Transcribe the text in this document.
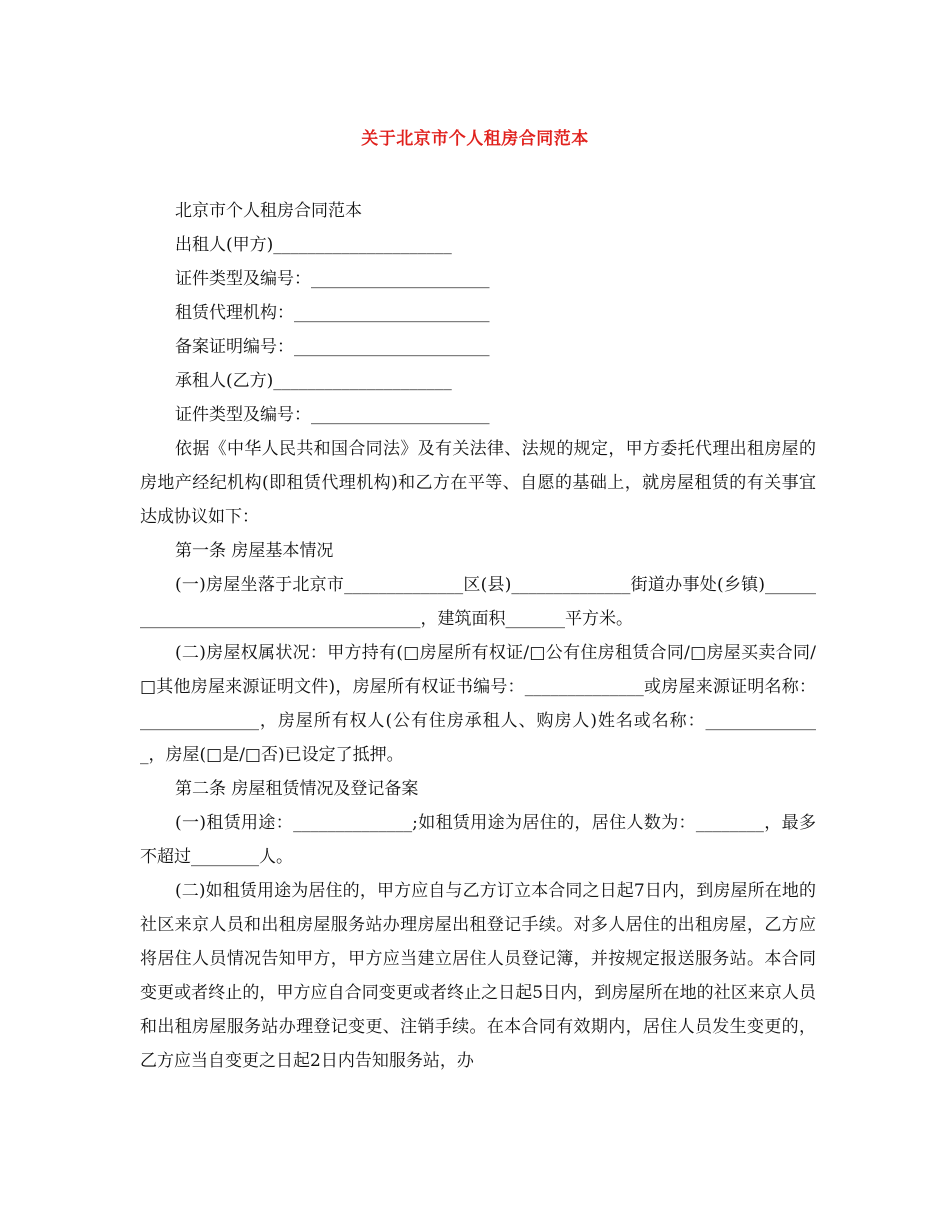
关于北京市个人租房合同范本
北京市个人租房合同范本
出租人(甲方)_____________________
证件类型及编号：_____________________
租赁代理机构：_______________________
备案证明编号：_______________________
承租人(乙方)_____________________
证件类型及编号：_____________________
依据《中华人民共和国合同法》及有关法律、法规的规定，甲方委托代理出租房屋的房地产经纪机构(即租赁代理机构)和乙方在平等、自愿的基础上，就房屋租赁的有关事宜达成协议如下：
第一条 房屋基本情况
(一)房屋坐落于北京市______________区(县)______________街道办事处(乡镇)_______________________________________，建筑面积_______平方米。
(二)房屋权属状况：甲方持有(□房屋所有权证/□公有住房租赁合同/□房屋买卖合同/□其他房屋来源证明文件)，房屋所有权证书编号：______________或房屋来源证明名称：______________，房屋所有权人(公有住房承租人、购房人)姓名或名称：______________，房屋(□是/□否)已设定了抵押。
第二条 房屋租赁情况及登记备案
(一)租赁用途：______________;如租赁用途为居住的，居住人数为：________，最多不超过________人。
(二)如租赁用途为居住的，甲方应自与乙方订立本合同之日起7日内，到房屋所在地的社区来京人员和出租房屋服务站办理房屋出租登记手续。对多人居住的出租房屋，乙方应将居住人员情况告知甲方，甲方应当建立居住人员登记簿，并按规定报送服务站。本合同变更或者终止的，甲方应自合同变更或者终止之日起5日内，到房屋所在地的社区来京人员和出租房屋服务站办理登记变更、注销手续。在本合同有效期内，居住人员发生变更的，乙方应当自变更之日起2日内告知服务站，办
